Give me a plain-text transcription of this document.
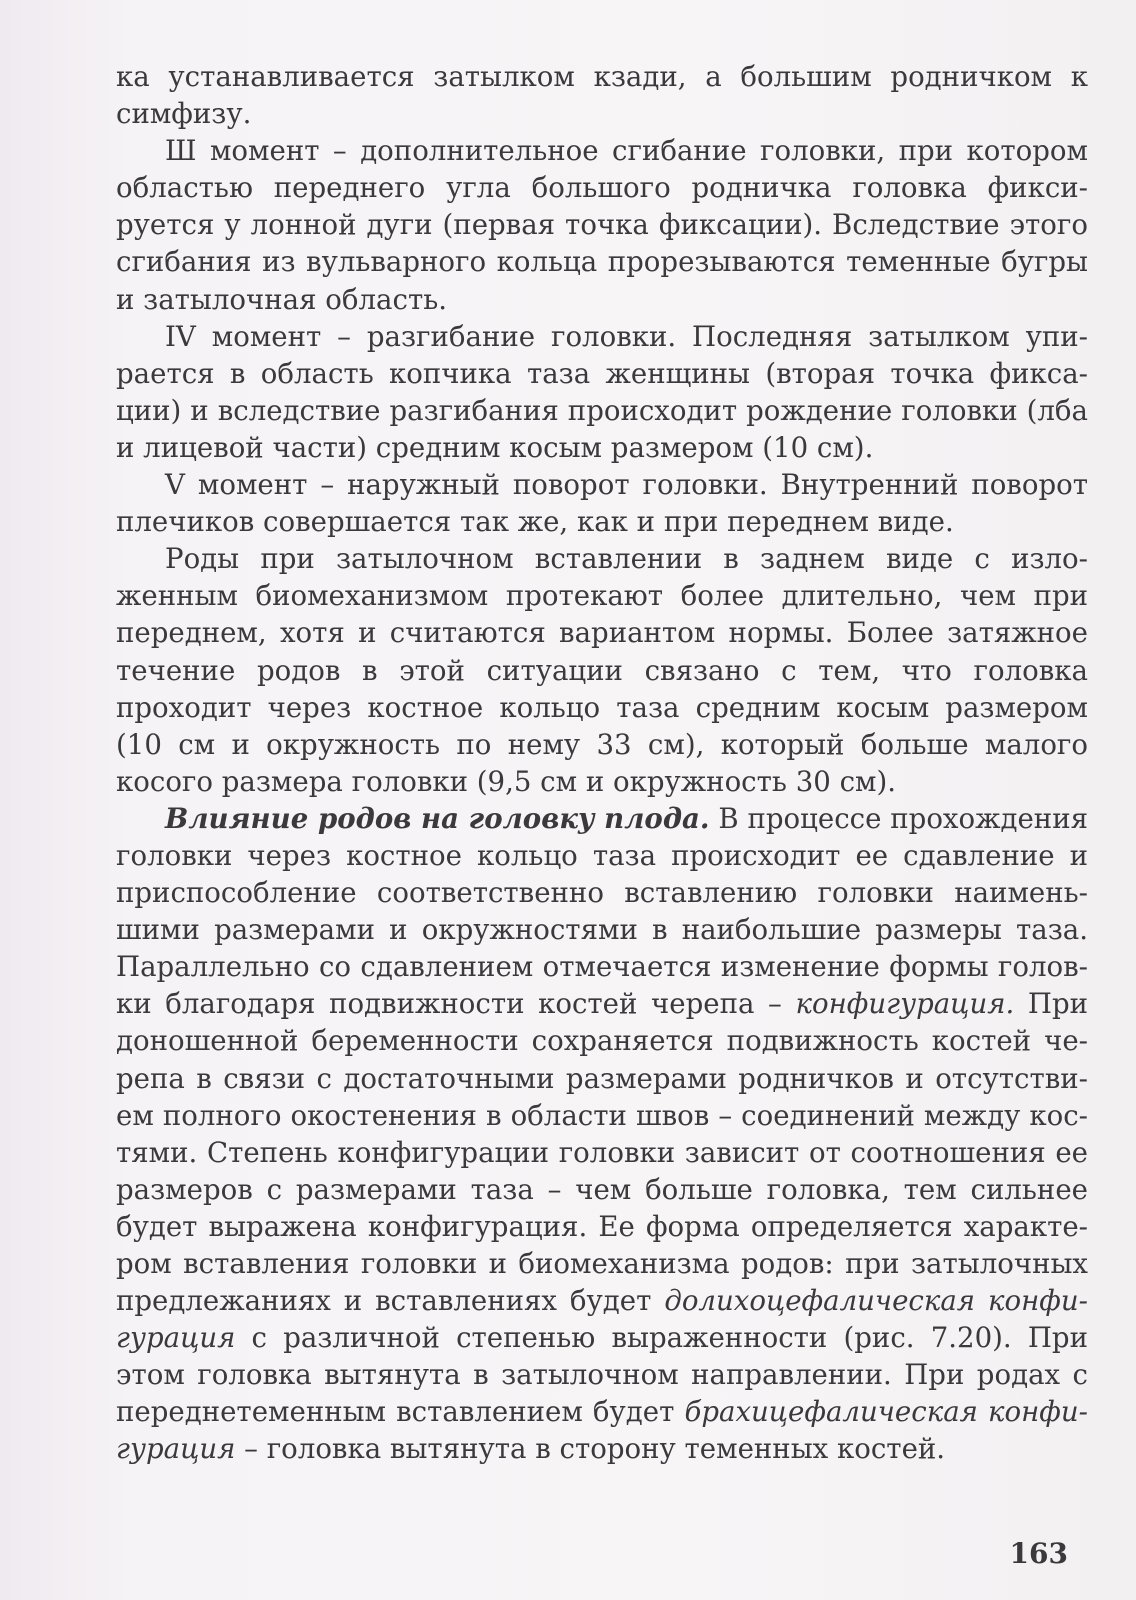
ка устанавливается затылком кзади, а большим родничком к симфизу.

Ш момент – дополнительное сгибание головки, при котором областью переднего угла большого родничка головка фиксируется у лонной дуги (первая точка фиксации). Вследствие этого сгибания из вульварного кольца прорезываются теменные бугры и затылочная область.

IV момент – разгибание головки. Последняя затылком упирается в область копчика таза женщины (вторая точка фиксации) и вследствие разгибания происходит рождение головки (лба и лицевой части) средним косым размером (10 см).

V момент – наружный поворот головки. Внутренний поворот плечиков совершается так же, как и при переднем виде.

Роды при затылочном вставлении в заднем виде с изложенным биомеханизмом протекают более длительно, чем при переднем, хотя и считаются вариантом нормы. Более затяжное течение родов в этой ситуации связано с тем, что головка проходит через костное кольцо таза средним косым размером (10 см и окружность по нему 33 см), который больше малого косого размера головки (9,5 см и окружность 30 см).

Влияние родов на головку плода. В процессе прохождения головки через костное кольцо таза происходит ее сдавление и приспособление соответственно вставлению головки наименьшими размерами и окружностями в наибольшие размеры таза. Параллельно со сдавлением отмечается изменение формы головки благодаря подвижности костей черепа – конфигурация. При доношенной беременности сохраняется подвижность костей черепа в связи с достаточными размерами родничков и отсутствием полного окостенения в области швов – соединений между костями. Степень конфигурации головки зависит от соотношения ее размеров с размерами таза – чем больше головка, тем сильнее будет выражена конфигурация. Ее форма определяется характером вставления головки и биомеханизма родов: при затылочных предлежаниях и вставлениях будет долихоцефалическая конфигурация с различной степенью выраженности (рис. 7.20). При этом головка вытянута в затылочном направлении. При родах с переднетеменным вставлением будет брахицефалическая конфигурация – головка вытянута в сторону теменных костей.

163
